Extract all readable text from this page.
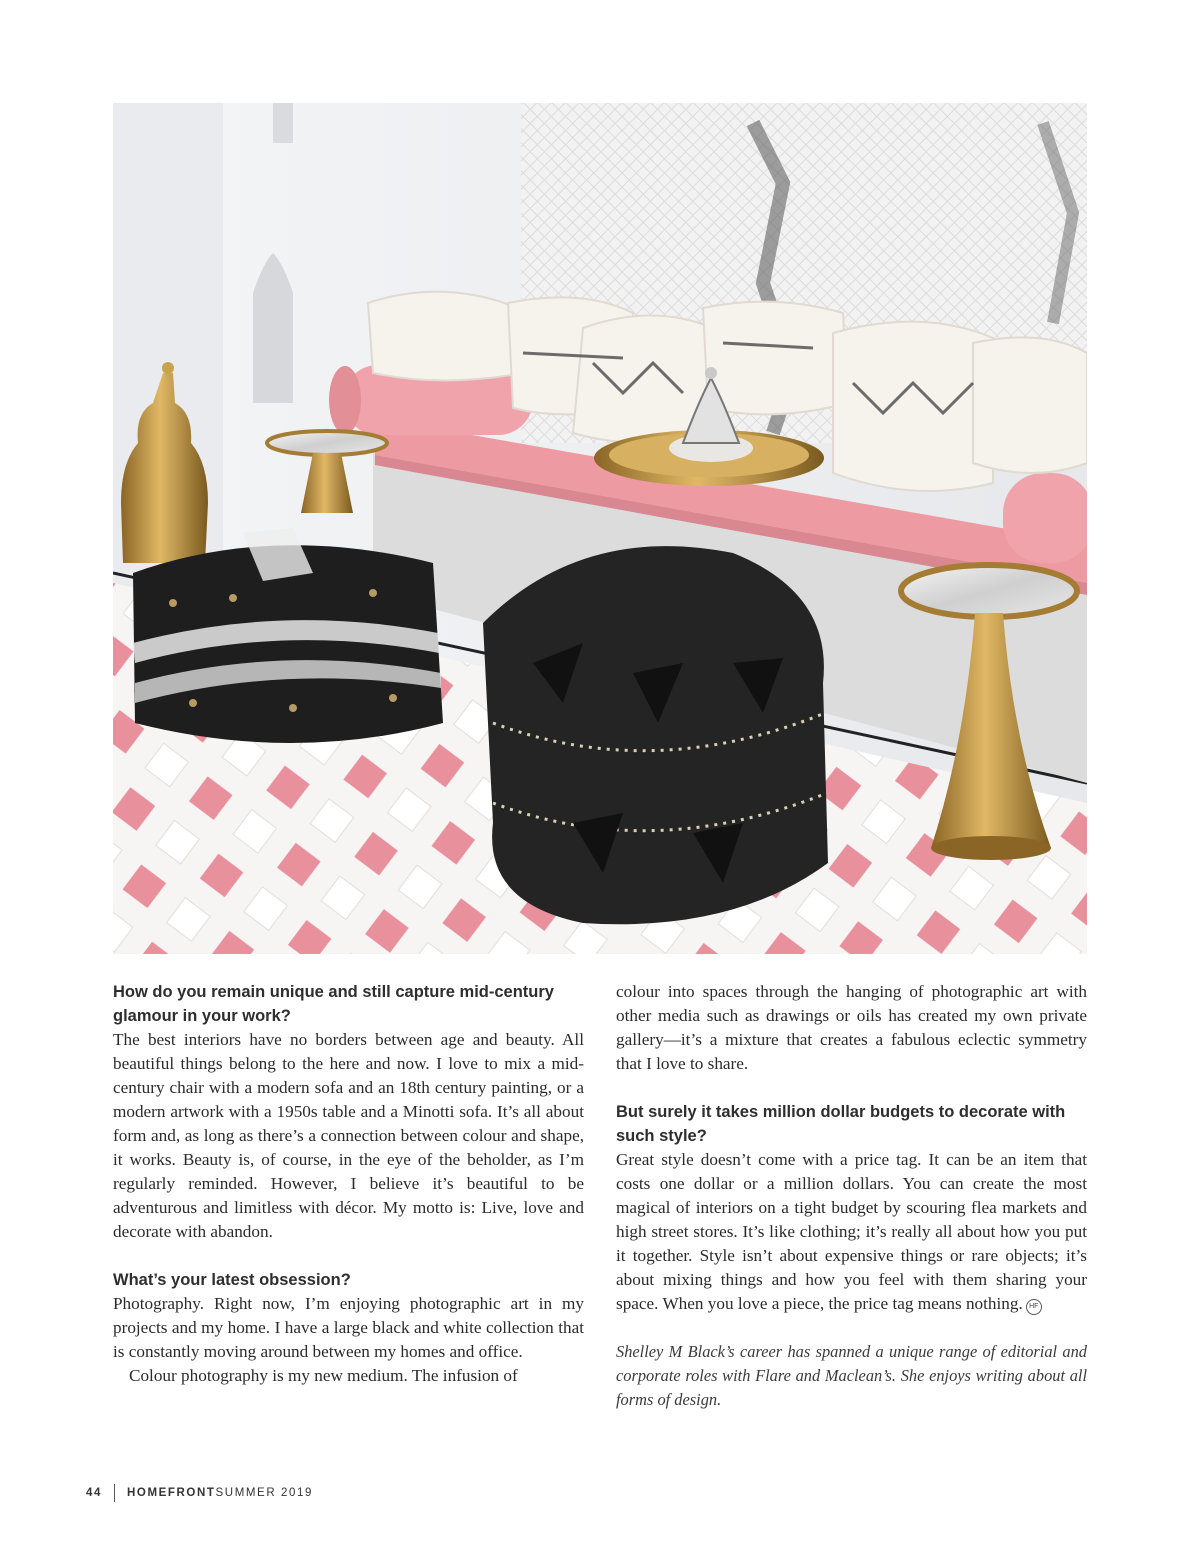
How do you remain unique and still capture mid-century glamour in your work?

The best interiors have no borders between age and beauty. All beautiful things belong to the here and now. I love to mix a mid-century chair with a modern sofa and an 18th century painting, or a modern artwork with a 1950s table and a Minotti sofa. It’s all about form and, as long as there’s a connection between colour and shape, it works. Beauty is, of course, in the eye of the beholder, as I’m regularly reminded. However, I believe it’s beautiful to be adventurous and limitless with décor. My motto is: Live, love and decorate with abandon.

What’s your latest obsession?

Photography. Right now, I’m enjoying photographic art in my projects and my home. I have a large black and white collection that is constantly moving around between my homes and office.

Colour photography is my new medium. The infusion of

colour into spaces through the hanging of photographic art with other media such as drawings or oils has created my own private gallery—it’s a mixture that creates a fabulous eclectic symmetry that I love to share.

But surely it takes million dollar budgets to decorate with such style?

Great style doesn’t come with a price tag. It can be an item that costs one dollar or a million dollars. You can create the most magical of interiors on a tight budget by scouring flea markets and high street stores. It’s like clothing; it’s really all about how you put it together. Style isn’t about expensive things or rare objects; it’s about mixing things and how you feel with them sharing your space. When you love a piece, the price tag means nothing. HF

Shelley M Black’s career has spanned a unique range of editorial and corporate roles with Flare and Maclean’s. She enjoys writing about all forms of design.

44 HOMEFRONT SUMMER 2019
